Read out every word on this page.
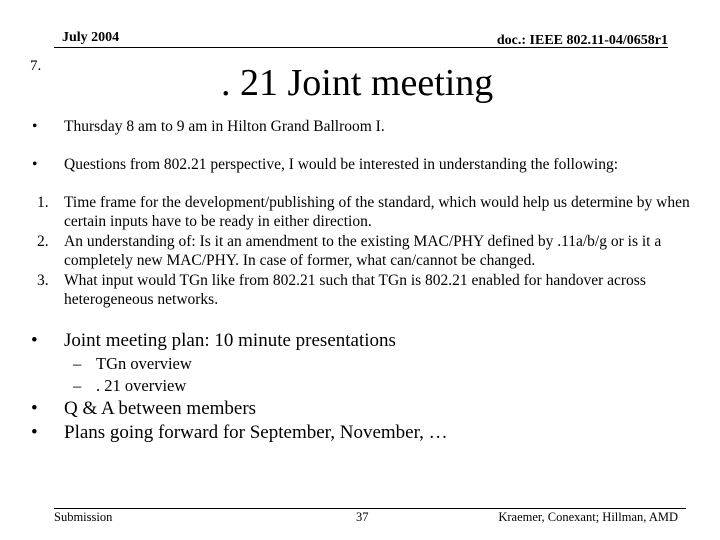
July 2004	doc.: IEEE 802.11-04/0658r1
7.	. 21 Joint meeting
• Thursday 8 am to 9 am in Hilton Grand Ballroom I.
• Questions from 802.21 perspective, I would be interested in understanding the following:
1. Time frame for the development/publishing of the standard, which would help us determine by when certain inputs have to be ready in either direction.
2. An understanding of: Is it an amendment to the existing MAC/PHY defined by .11a/b/g or is it a completely new MAC/PHY. In case of former, what can/cannot be changed.
3. What input would TGn like from 802.21 such that TGn is 802.21 enabled for handover across heterogeneous networks.
• Joint meeting plan: 10 minute presentations
– TGn overview
– . 21 overview
• Q & A between members
• Plans going forward for September, November, …
Submission	37	Kraemer, Conexant; Hillman, AMD
